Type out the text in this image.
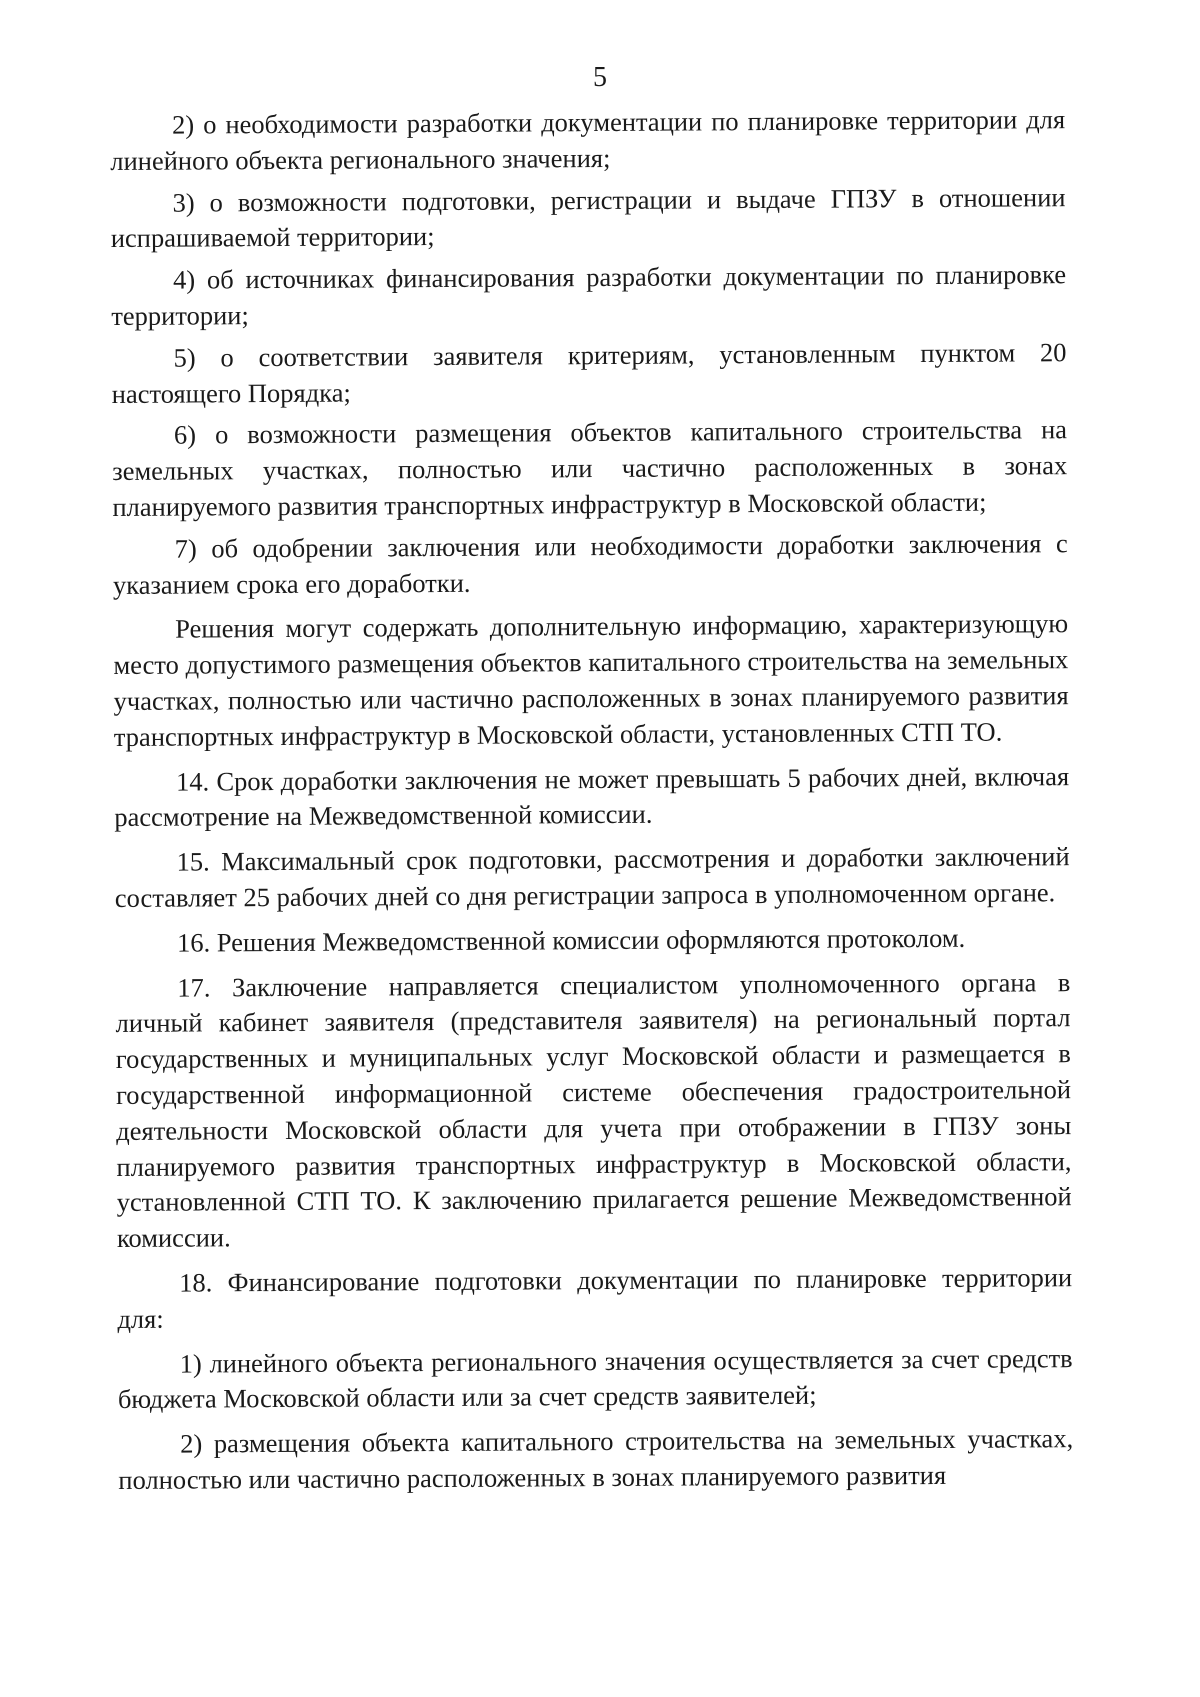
5

2) о необходимости разработки документации по планировке территории для линейного объекта регионального значения;

3) о возможности подготовки, регистрации и выдаче ГПЗУ в отношении испрашиваемой территории;

4) об источниках финансирования разработки документации по планировке территории;

5) о соответствии заявителя критериям, установленным пунктом 20 настоящего Порядка;

6) о возможности размещения объектов капитального строительства на земельных участках, полностью или частично расположенных в зонах планируемого развития транспортных инфраструктур в Московской области;

7) об одобрении заключения или необходимости доработки заключения с указанием срока его доработки.

Решения могут содержать дополнительную информацию, характеризующую место допустимого размещения объектов капитального строительства на земельных участках, полностью или частично расположенных в зонах планируемого развития транспортных инфраструктур в Московской области, установленных СТП ТО.

14. Срок доработки заключения не может превышать 5 рабочих дней, включая рассмотрение на Межведомственной комиссии.

15. Максимальный срок подготовки, рассмотрения и доработки заключений составляет 25 рабочих дней со дня регистрации запроса в уполномоченном органе.

16. Решения Межведомственной комиссии оформляются протоколом.

17. Заключение направляется специалистом уполномоченного органа в личный кабинет заявителя (представителя заявителя) на региональный портал государственных и муниципальных услуг Московской области и размещается в государственной информационной системе обеспечения градостроительной деятельности Московской области для учета при отображении в ГПЗУ зоны планируемого развития транспортных инфраструктур в Московской области, установленной СТП ТО. К заключению прилагается решение Межведомственной комиссии.

18. Финансирование подготовки документации по планировке территории для:

1) линейного объекта регионального значения осуществляется за счет средств бюджета Московской области или за счет средств заявителей;

2) размещения объекта капитального строительства на земельных участках, полностью или частично расположенных в зонах планируемого развития
